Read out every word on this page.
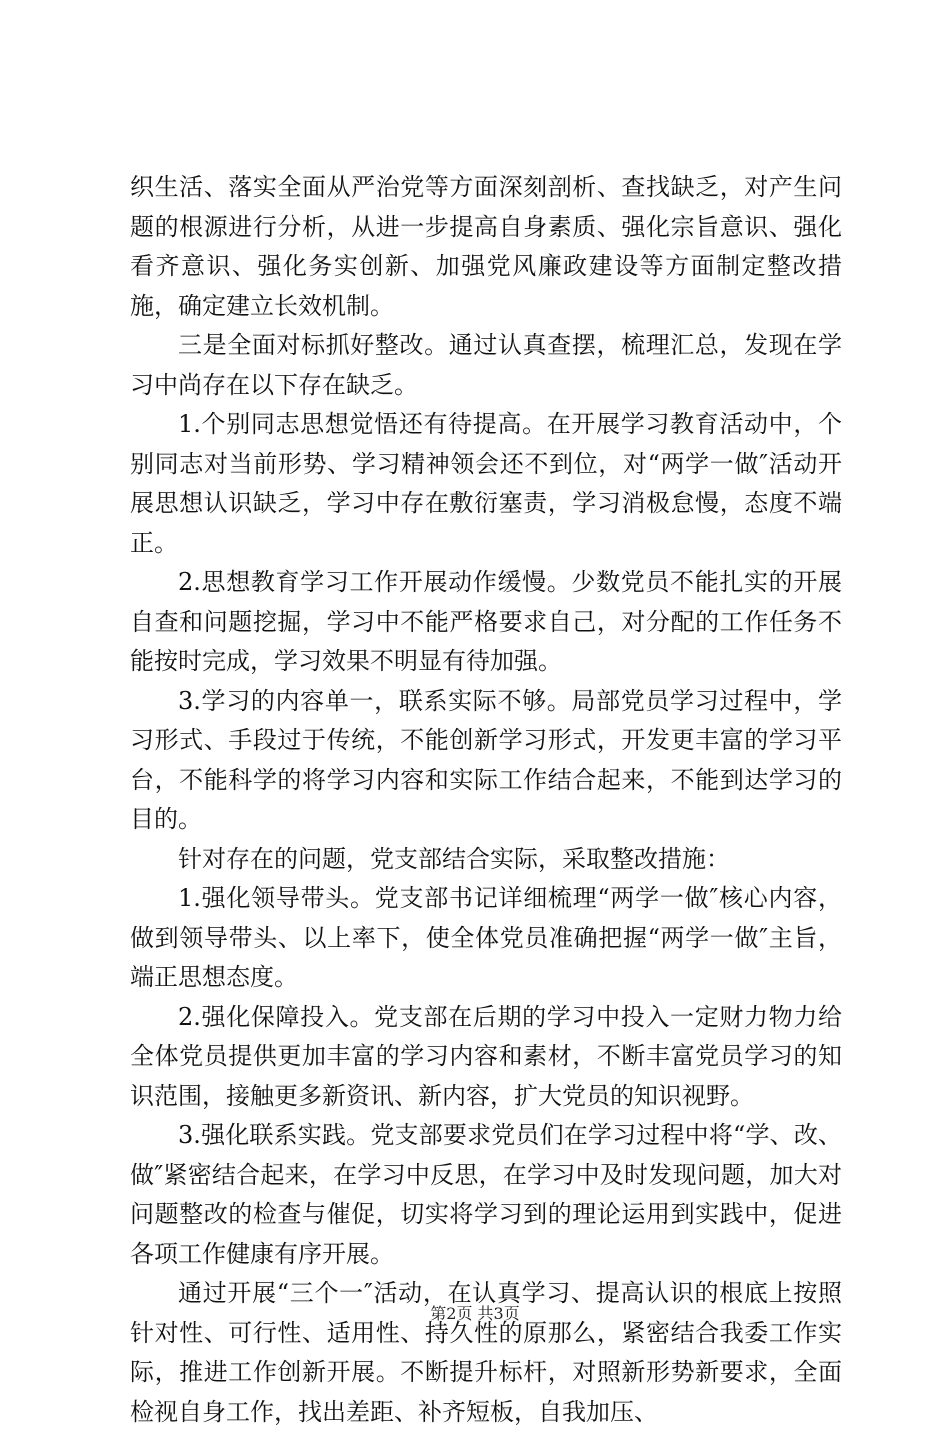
织生活、落实全面从严治党等方面深刻剖析、查找缺乏，对产生问题的根源进行分析，从进一步提高自身素质、强化宗旨意识、强化看齐意识、强化务实创新、加强党风廉政建设等方面制定整改措施，确定建立长效机制。

三是全面对标抓好整改。通过认真查摆，梳理汇总，发现在学习中尚存在以下存在缺乏。

1.个别同志思想觉悟还有待提高。在开展学习教育活动中，个别同志对当前形势、学习精神领会还不到位，对“两学一做″活动开展思想认识缺乏，学习中存在敷衍塞责，学习消极怠慢，态度不端正。

2.思想教育学习工作开展动作缓慢。少数党员不能扎实的开展自查和问题挖掘，学习中不能严格要求自己，对分配的工作任务不能按时完成，学习效果不明显有待加强。

3.学习的内容单一，联系实际不够。局部党员学习过程中，学习形式、手段过于传统，不能创新学习形式，开发更丰富的学习平台，不能科学的将学习内容和实际工作结合起来，不能到达学习的目的。

针对存在的问题，党支部结合实际，采取整改措施：

1.强化领导带头。党支部书记详细梳理“两学一做″核心内容，做到领导带头、以上率下，使全体党员准确把握“两学一做″主旨，端正思想态度。

2.强化保障投入。党支部在后期的学习中投入一定财力物力给全体党员提供更加丰富的学习内容和素材，不断丰富党员学习的知识范围，接触更多新资讯、新内容，扩大党员的知识视野。

3.强化联系实践。党支部要求党员们在学习过程中将“学、改、做″紧密结合起来，在学习中反思，在学习中及时发现问题，加大对问题整改的检查与催促，切实将学习到的理论运用到实践中，促进各项工作健康有序开展。

通过开展“三个一″活动，在认真学习、提高认识的根底上按照针对性、可行性、适用性、持久性的原那么，紧密结合我委工作实际，推进工作创新开展。不断提升标杆，对照新形势新要求，全面检视自身工作，找出差距、补齐短板，自我加压、

第2页 共3页
